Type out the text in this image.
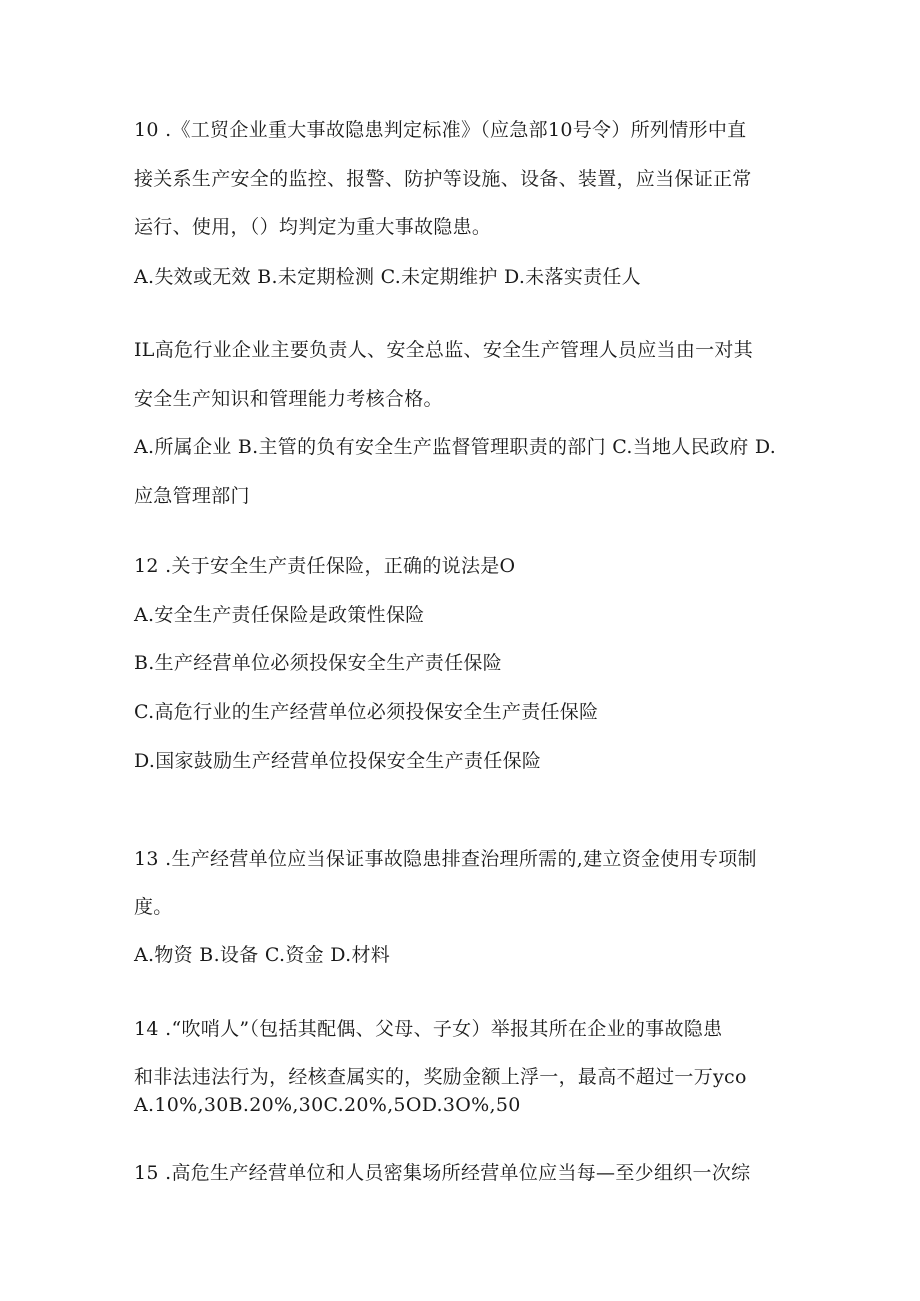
10 .《工贸企业重大事故隐患判定标准》（应急部10号令）所列情形中直
接关系生产安全的监控、报警、防护等设施、设备、装置，应当保证正常
运行、使用，（）均判定为重大事故隐患。
A.失效或无效 B.未定期检测 C.未定期维护 D.未落实责任人
IL高危行业企业主要负责人、安全总监、安全生产管理人员应当由一对其
安全生产知识和管理能力考核合格。
A.所属企业 B.主管的负有安全生产监督管理职责的部门 C.当地人民政府 D.
应急管理部门
12 .关于安全生产责任保险，正确的说法是O
A.安全生产责任保险是政策性保险
B.生产经营单位必须投保安全生产责任保险
C.高危行业的生产经营单位必须投保安全生产责任保险
D.国家鼓励生产经营单位投保安全生产责任保险
13 .生产经营单位应当保证事故隐患排查治理所需的,建立资金使用专项制
度。
A.物资 B.设备 C.资金 D.材料
14 .“吹哨人”（包括其配偶、父母、子女）举报其所在企业的事故隐患
和非法违法行为，经核查属实的，奖励金额上浮一，最高不超过一万yco
A.10%,30B.20%,30C.20%,5OD.3O%,50
15 .高危生产经营单位和人员密集场所经营单位应当每—至少组织一次综
